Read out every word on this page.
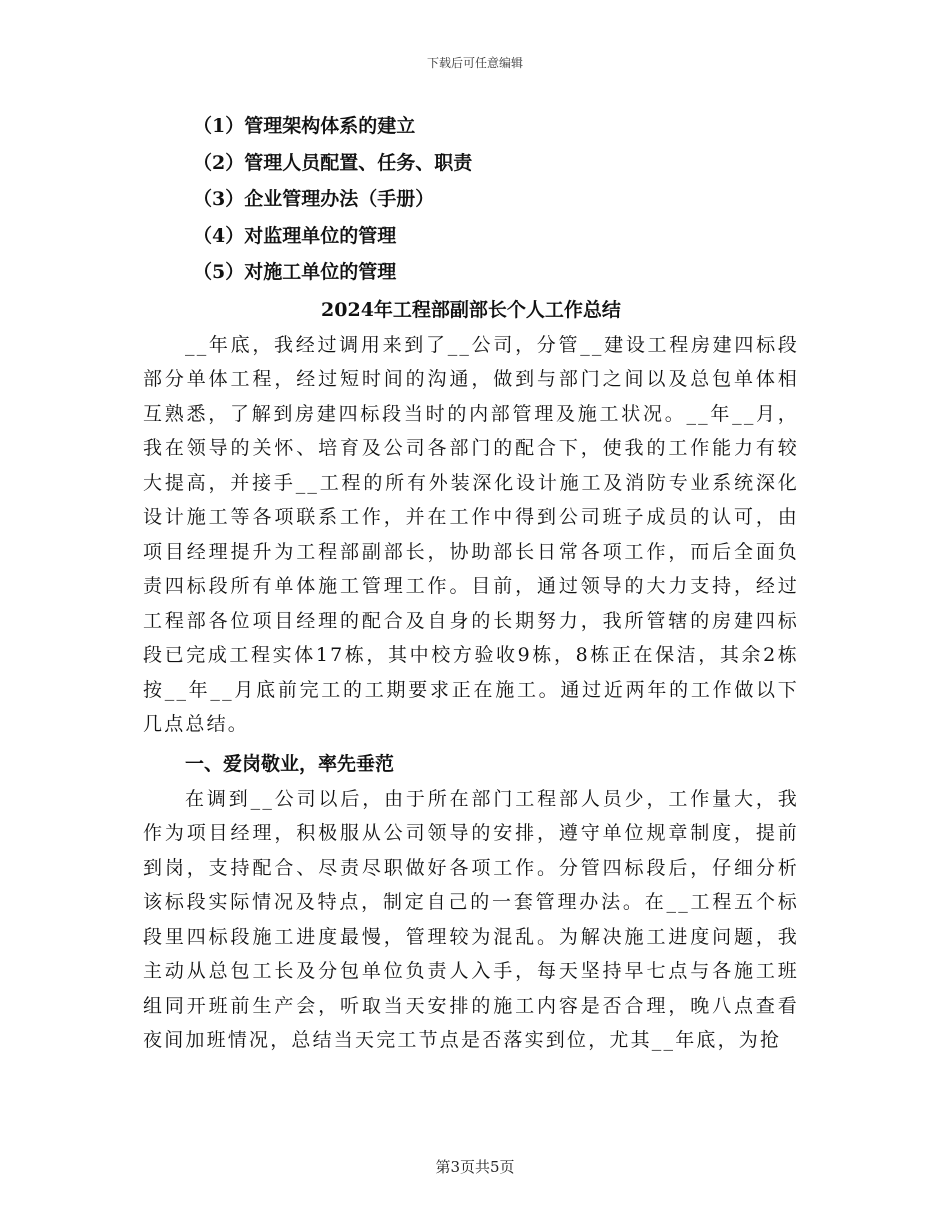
下载后可任意编辑
（1）管理架构体系的建立
（2）管理人员配置、任务、职责
（3）企业管理办法（手册）
（4）对监理单位的管理
（5）对施工单位的管理
2024年工程部副部长个人工作总结

__年底，我经过调用来到了__公司，分管__建设工程房建四标段部分单体工程，经过短时间的沟通，做到与部门之间以及总包单体相互熟悉，了解到房建四标段当时的内部管理及施工状况。__年__月，我在领导的关怀、培育及公司各部门的配合下，使我的工作能力有较大提高，并接手__工程的所有外装深化设计施工及消防专业系统深化设计施工等各项联系工作，并在工作中得到公司班子成员的认可，由项目经理提升为工程部副部长，协助部长日常各项工作，而后全面负责四标段所有单体施工管理工作。目前，通过领导的大力支持，经过工程部各位项目经理的配合及自身的长期努力，我所管辖的房建四标段已完成工程实体17栋，其中校方验收9栋，8栋正在保洁，其余2栋按__年__月底前完工的工期要求正在施工。通过近两年的工作做以下几点总结。

一、爱岗敬业，率先垂范

在调到__公司以后，由于所在部门工程部人员少，工作量大，我作为项目经理，积极服从公司领导的安排，遵守单位规章制度，提前到岗，支持配合、尽责尽职做好各项工作。分管四标段后，仔细分析该标段实际情况及特点，制定自己的一套管理办法。在__工程五个标段里四标段施工进度最慢，管理较为混乱。为解决施工进度问题，我主动从总包工长及分包单位负责人入手，每天坚持早七点与各施工班组同开班前生产会，听取当天安排的施工内容是否合理，晚八点查看夜间加班情况，总结当天完工节点是否落实到位，尤其__年底，为抢

第3页共5页
